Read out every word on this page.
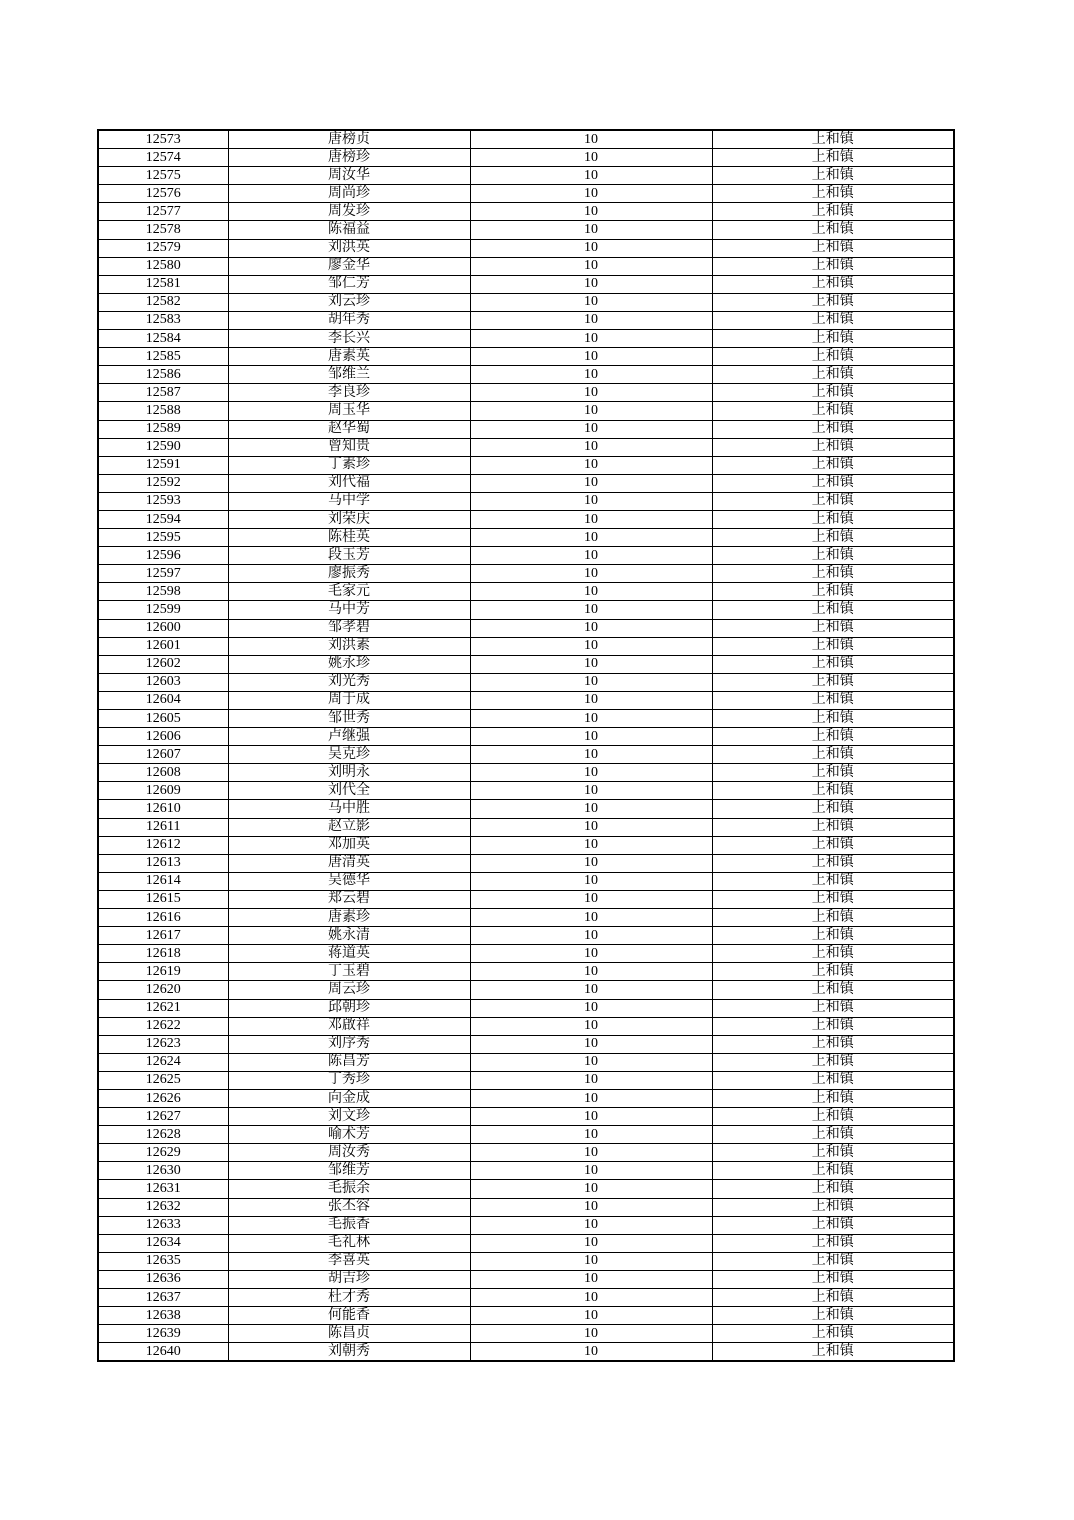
12573	唐榜贞	10	上和镇
12574	唐榜珍	10	上和镇
12575	周汝华	10	上和镇
12576	周尚珍	10	上和镇
12577	周发珍	10	上和镇
12578	陈福益	10	上和镇
12579	刘洪英	10	上和镇
12580	廖金华	10	上和镇
12581	邹仁芳	10	上和镇
12582	刘云珍	10	上和镇
12583	胡年秀	10	上和镇
12584	李长兴	10	上和镇
12585	唐素英	10	上和镇
12586	邹维兰	10	上和镇
12587	李良珍	10	上和镇
12588	周玉华	10	上和镇
12589	赵华蜀	10	上和镇
12590	曾知贵	10	上和镇
12591	丁素珍	10	上和镇
12592	刘代福	10	上和镇
12593	马中学	10	上和镇
12594	刘荣庆	10	上和镇
12595	陈桂英	10	上和镇
12596	段玉芳	10	上和镇
12597	廖振秀	10	上和镇
12598	毛家元	10	上和镇
12599	马中芳	10	上和镇
12600	邹孝碧	10	上和镇
12601	刘洪素	10	上和镇
12602	姚永珍	10	上和镇
12603	刘光秀	10	上和镇
12604	周于成	10	上和镇
12605	邹世秀	10	上和镇
12606	卢继强	10	上和镇
12607	吴克珍	10	上和镇
12608	刘明永	10	上和镇
12609	刘代全	10	上和镇
12610	马中胜	10	上和镇
12611	赵立影	10	上和镇
12612	邓加英	10	上和镇
12613	唐清英	10	上和镇
12614	吴德华	10	上和镇
12615	郑云碧	10	上和镇
12616	唐素珍	10	上和镇
12617	姚永清	10	上和镇
12618	蒋道英	10	上和镇
12619	丁玉碧	10	上和镇
12620	周云珍	10	上和镇
12621	邱朝珍	10	上和镇
12622	邓啟祥	10	上和镇
12623	刘序秀	10	上和镇
12624	陈昌芳	10	上和镇
12625	丁秀珍	10	上和镇
12626	向金成	10	上和镇
12627	刘文珍	10	上和镇
12628	喻术芳	10	上和镇
12629	周汝秀	10	上和镇
12630	邹维芳	10	上和镇
12631	毛振余	10	上和镇
12632	张丕容	10	上和镇
12633	毛振香	10	上和镇
12634	毛礼林	10	上和镇
12635	李喜英	10	上和镇
12636	胡吉珍	10	上和镇
12637	杜才秀	10	上和镇
12638	何能香	10	上和镇
12639	陈昌贞	10	上和镇
12640	刘朝秀	10	上和镇
